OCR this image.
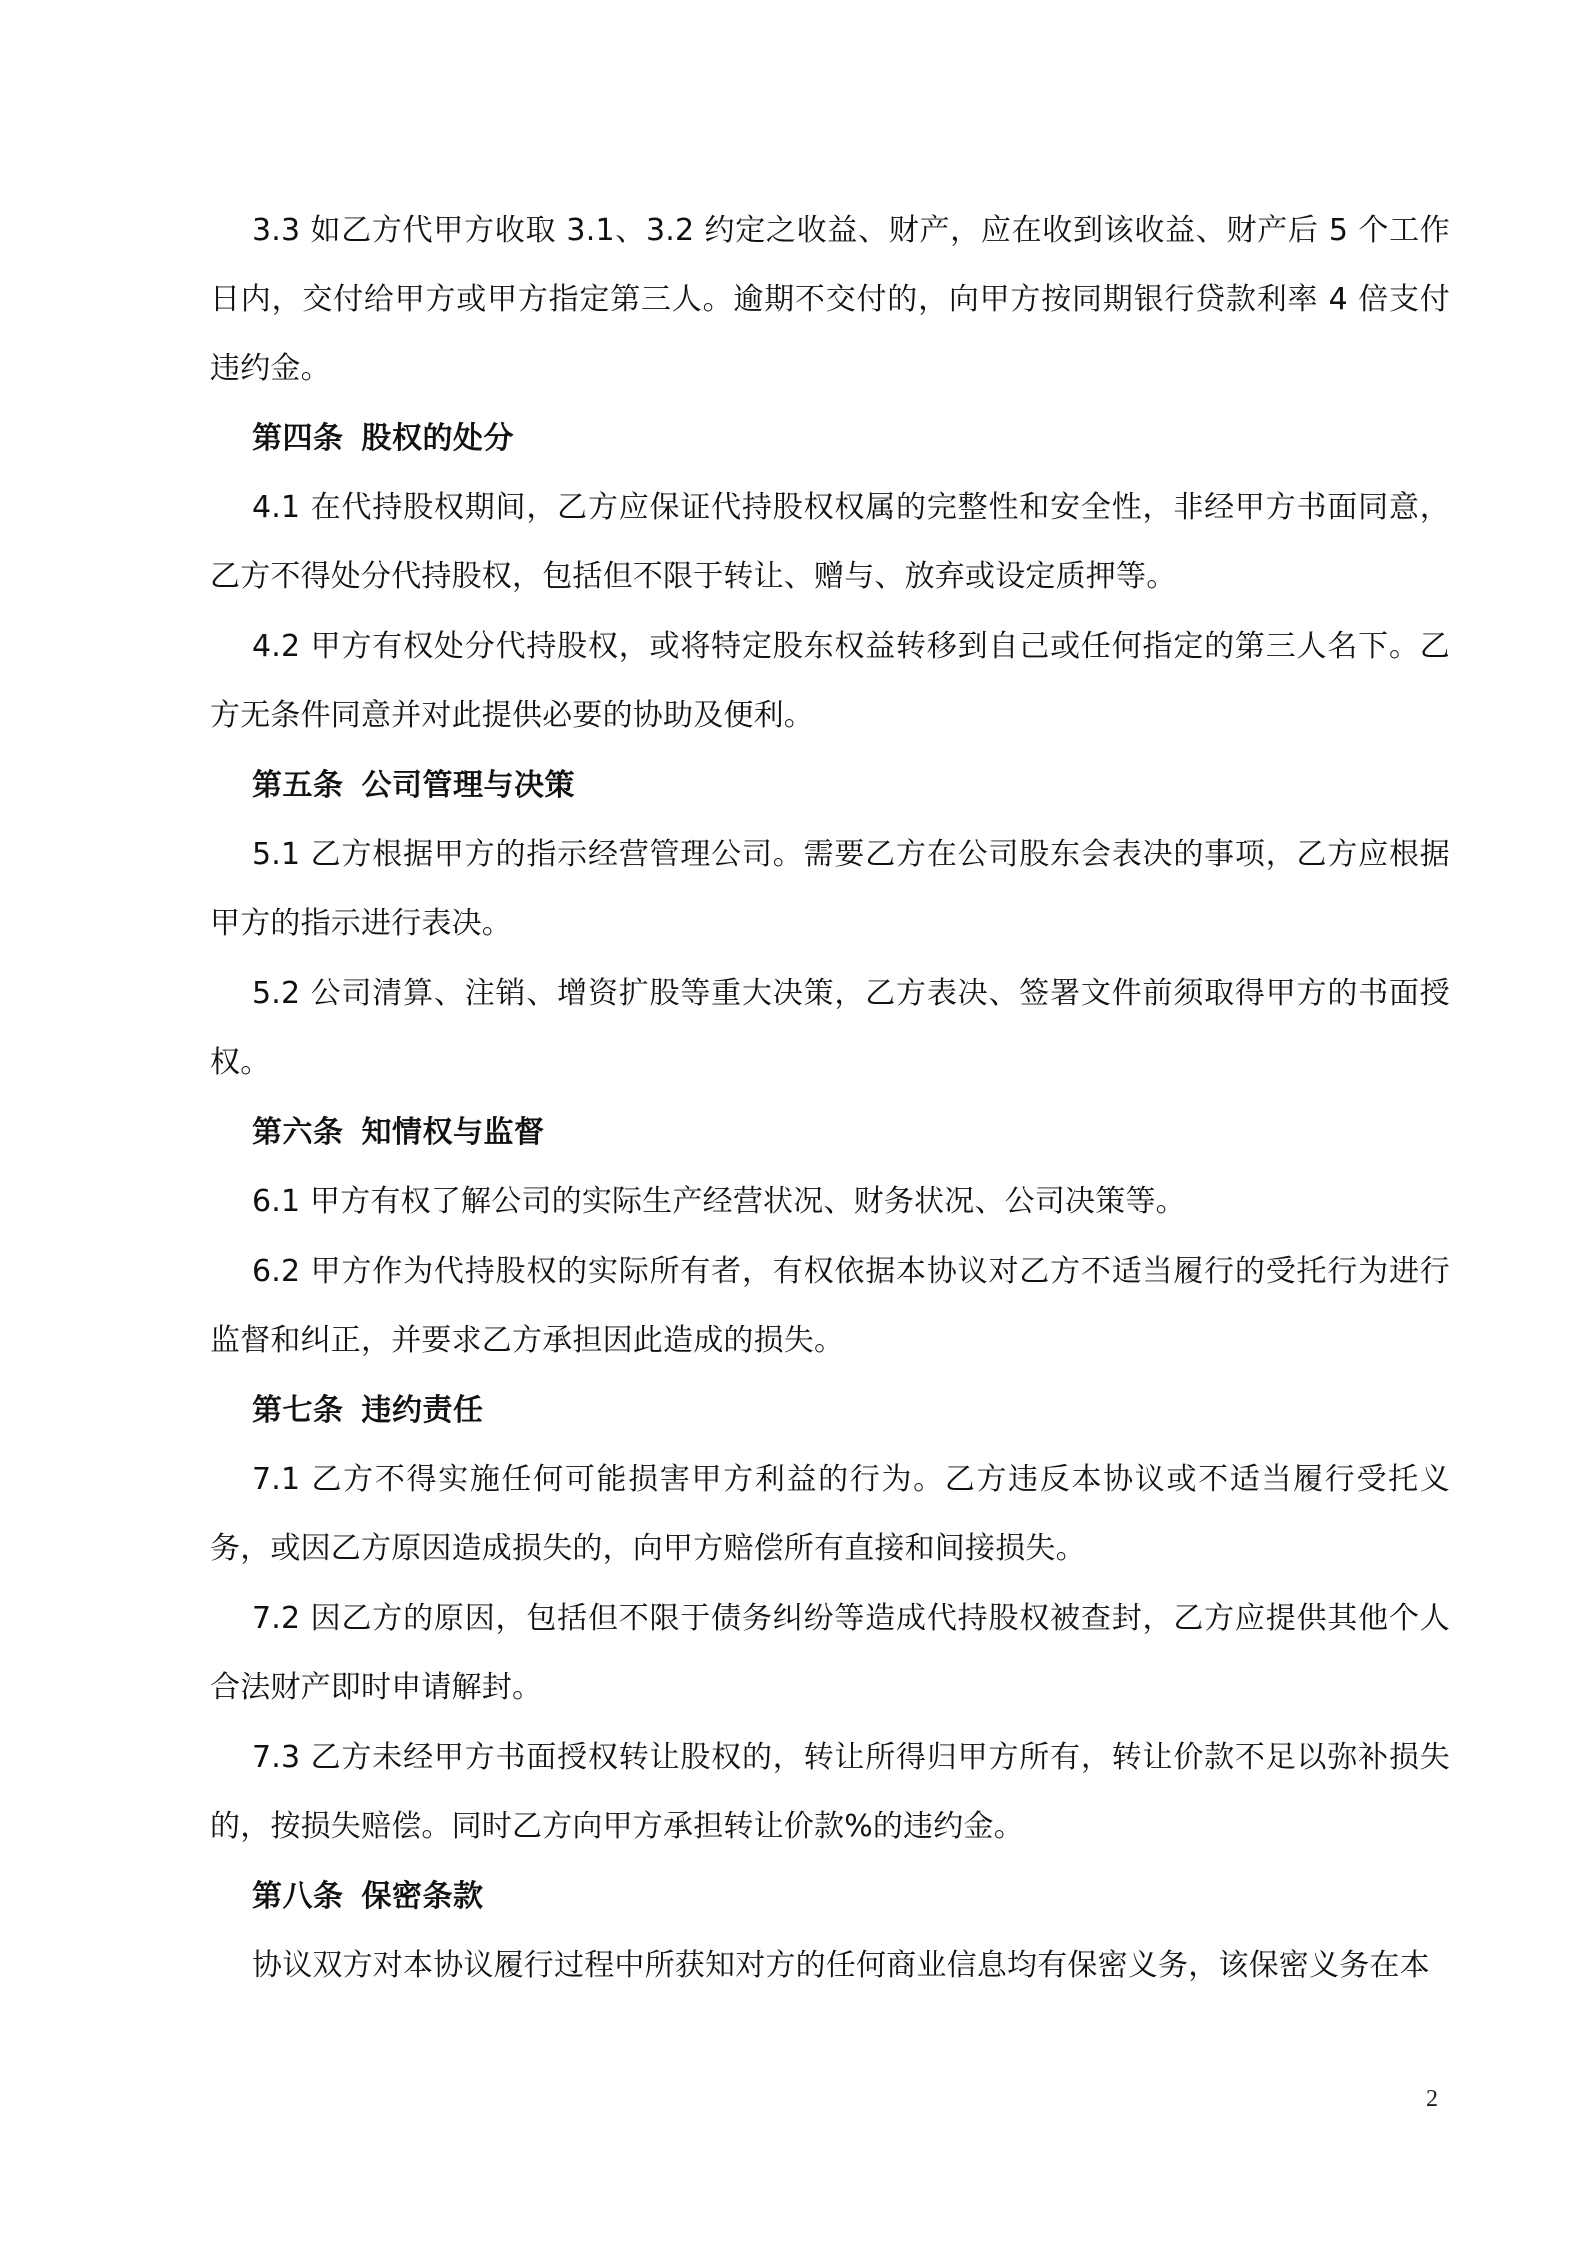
3.3 如乙方代甲方收取 3.1、3.2 约定之收益、财产，应在收到该收益、财产后 5 个工作日内，交付给甲方或甲方指定第三人。逾期不交付的，向甲方按同期银行贷款利率 4 倍支付违约金。

第四条 股权的处分

4.1 在代持股权期间，乙方应保证代持股权权属的完整性和安全性，非经甲方书面同意，乙方不得处分代持股权，包括但不限于转让、赠与、放弃或设定质押等。

4.2 甲方有权处分代持股权，或将特定股东权益转移到自己或任何指定的第三人名下。乙方无条件同意并对此提供必要的协助及便利。

第五条 公司管理与决策

5.1 乙方根据甲方的指示经营管理公司。需要乙方在公司股东会表决的事项，乙方应根据甲方的指示进行表决。

5.2 公司清算、注销、增资扩股等重大决策，乙方表决、签署文件前须取得甲方的书面授权。

第六条 知情权与监督

6.1 甲方有权了解公司的实际生产经营状况、财务状况、公司决策等。

6.2 甲方作为代持股权的实际所有者，有权依据本协议对乙方不适当履行的受托行为进行监督和纠正，并要求乙方承担因此造成的损失。

第七条 违约责任

7.1 乙方不得实施任何可能损害甲方利益的行为。乙方违反本协议或不适当履行受托义务，或因乙方原因造成损失的，向甲方赔偿所有直接和间接损失。

7.2 因乙方的原因，包括但不限于债务纠纷等造成代持股权被查封，乙方应提供其他个人合法财产即时申请解封。

7.3 乙方未经甲方书面授权转让股权的，转让所得归甲方所有，转让价款不足以弥补损失的，按损失赔偿。同时乙方向甲方承担转让价款%的违约金。

第八条 保密条款

协议双方对本协议履行过程中所获知对方的任何商业信息均有保密义务，该保密义务在本

2
